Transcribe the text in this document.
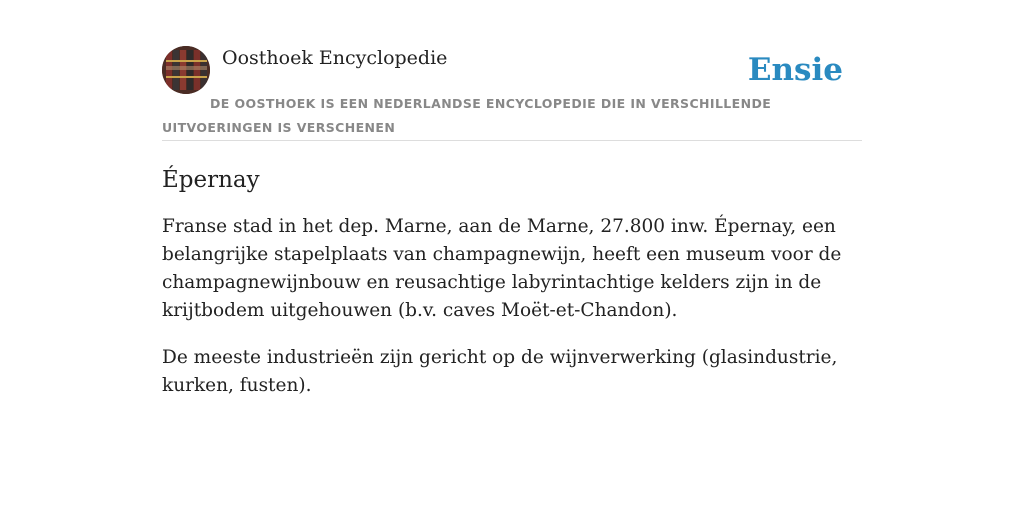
Oosthoek Encyclopedie	Ensie
DE OOSTHOEK IS EEN NEDERLANDSE ENCYCLOPEDIE DIE IN VERSCHILLENDE UITVOERINGEN IS VERSCHENEN
Épernay

Franse stad in het dep. Marne, aan de Marne, 27.800 inw. Épernay, een belangrijke stapelplaats van champagnewijn, heeft een museum voor de champagnewijnbouw en reusachtige labyrintachtige kelders zijn in de krijtbodem uitgehouwen (b.v. caves Moët-et-Chandon).

De meeste industrieën zijn gericht op de wijnverwerking (glasindustrie, kurken, fusten).
